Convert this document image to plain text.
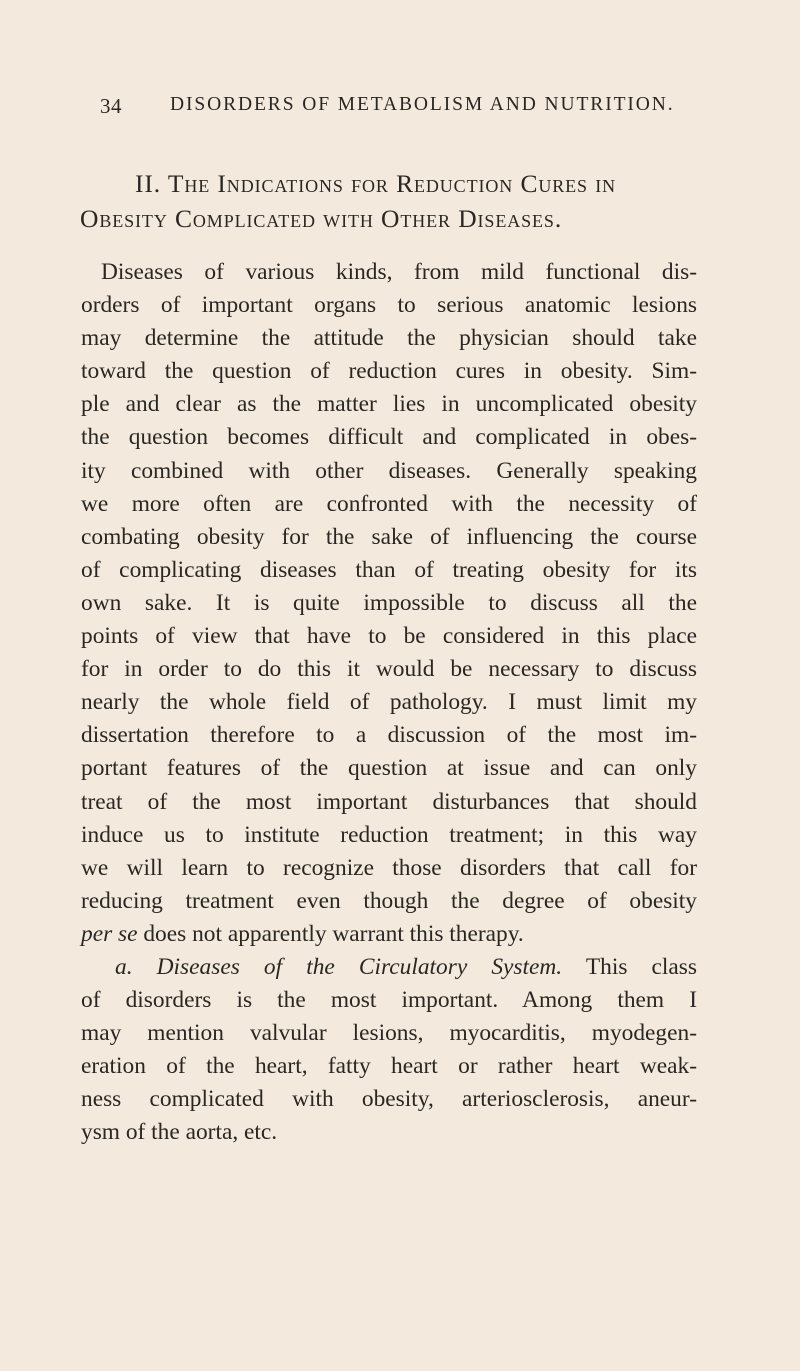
34 DISORDERS OF METABOLISM AND NUTRITION.
II. The Indications for Reduction Cures in
Obesity Complicated with Other Diseases.
Diseases of various kinds, from mild functional dis-
orders of important organs to serious anatomic lesions
may determine the attitude the physician should take
toward the question of reduction cures in obesity. Sim-
ple and clear as the matter lies in uncomplicated obesity
the question becomes difficult and complicated in obes-
ity combined with other diseases. Generally speaking
we more often are confronted with the necessity of
combating obesity for the sake of influencing the course
of complicating diseases than of treating obesity for its
own sake. It is quite impossible to discuss all the
points of view that have to be considered in this place
for in order to do this it would be necessary to discuss
nearly the whole field of pathology. I must limit my
dissertation therefore to a discussion of the most im-
portant features of the question at issue and can only
treat of the most important disturbances that should
induce us to institute reduction treatment; in this way
we will learn to recognize those disorders that call for
reducing treatment even though the degree of obesity
per se does not apparently warrant this therapy.
a. Diseases of the Circulatory System. This class
of disorders is the most important. Among them I
may mention valvular lesions, myocarditis, myodegen-
eration of the heart, fatty heart or rather heart weak-
ness complicated with obesity, arteriosclerosis, aneur-
ysm of the aorta, etc.
